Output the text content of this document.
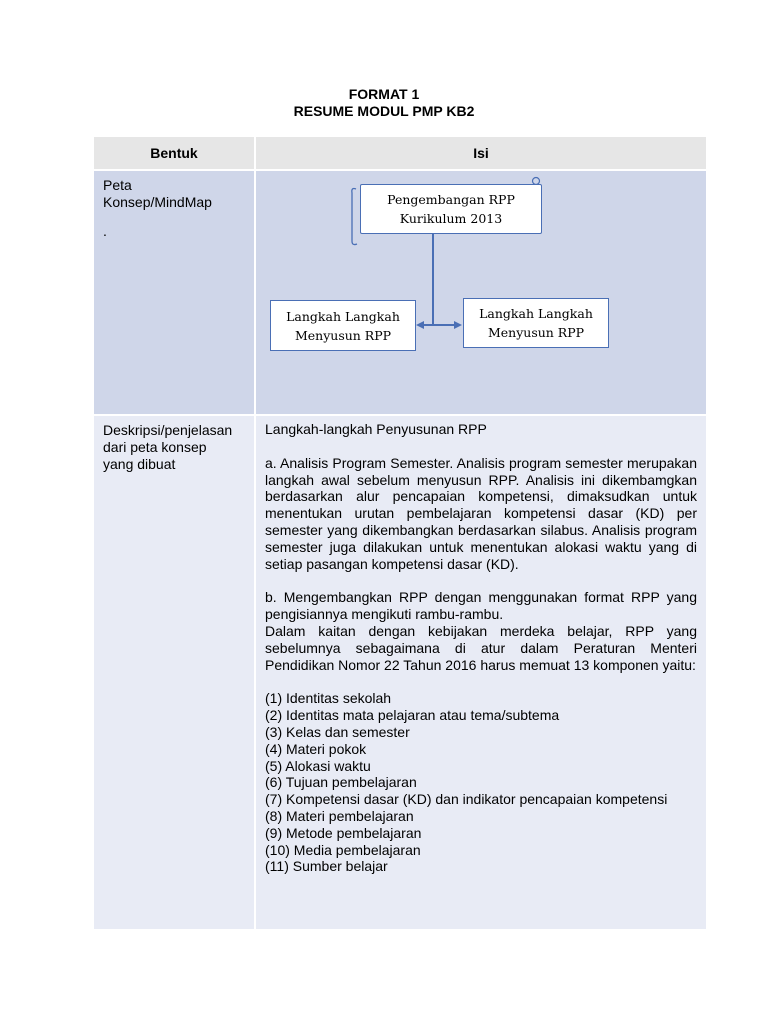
FORMAT 1
RESUME MODUL PMP KB2
Bentuk	Isi
Peta
Konsep/MindMap
.
Pengembangan RPP
Kurikulum 2013
Langkah Langkah
Menyusun RPP
Langkah Langkah
Menyusun RPP
Deskripsi/penjelasan
dari peta konsep
yang dibuat

Langkah-langkah Penyusunan RPP

a. Analisis Program Semester. Analisis program semester merupakan langkah awal sebelum menyusun RPP. Analisis ini dikembamgkan berdasarkan alur pencapaian kompetensi, dimaksudkan untuk menentukan urutan pembelajaran kompetensi dasar (KD) per semester yang dikembangkan berdasarkan silabus. Analisis program semester juga dilakukan untuk menentukan alokasi waktu yang di setiap pasangan kompetensi dasar (KD).

b. Mengembangkan RPP dengan menggunakan format RPP yang pengisiannya mengikuti rambu-rambu.

Dalam kaitan dengan kebijakan merdeka belajar, RPP yang sebelumnya sebagaimana di atur dalam Peraturan Menteri Pendidikan Nomor 22 Tahun 2016 harus memuat 13 komponen yaitu:

(1) Identitas sekolah
(2) Identitas mata pelajaran atau tema/subtema
(3) Kelas dan semester
(4) Materi pokok
(5) Alokasi waktu
(6) Tujuan pembelajaran
(7) Kompetensi dasar (KD) dan indikator pencapaian kompetensi
(8) Materi pembelajaran
(9) Metode pembelajaran
(10) Media pembelajaran
(11) Sumber belajar
